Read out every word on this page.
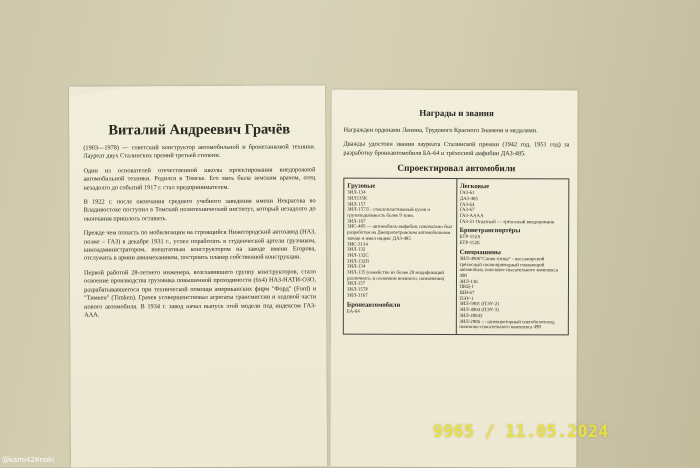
Виталий Андреевич Грачёв

(1903—1978) — советский конструктор автомобильной и бронетанковой техники. Лауреат двух Сталинских премий третьей степени.

Один из основателей отечественной школы проектирования внедорожной автомобильной техники. Родился в Томске. Его мать была земским врачом, отец незадолго до событий 1917 г. стал предпринимателем.

В 1922 г. после окончания среднего учебного заведения имени Некрасова во Владивостоке поступил в Томский политехнический институт, который незадолго до окончания пришлось оставить.

Прежде чем попасть по мобилизации на строящийся Нижегородский автозавод (НАЗ, позже – ГАЗ) в декабре 1931 г., успел поработать в студенческой артели грузчиком, киноадминистратором, внештатным конструктором на заводе имени Егорова, отслужить в армии авиамехаником, построить планер собственной конструкции.

Первой работой 28-летнего инженера, возглавившего группу конструкторов, стало освоение производства грузовика повышенной проходимости (6х4) НАЗ-НАТИ-ОЗО, разрабатывавшегося при технической помощи американских фирм "Форд" (Ford) и "Тимкен" (Timken). Грачев усовершенствовал агрегаты трансмиссии и ходовой части нового автомобиля. В 1934 г. завод начал выпуск этой модели под индексом ГАЗ-ААА.

Награды и звания

Награжден орденами Ленина, Трудового Красного Знамени и медалями.

Дважды удостоен звания лауреата Сталинской премии (1942 год, 1951 год) за разработку бронеавтомобиля БА-64 и трёхосной амфибии ДАЗ-485.

Спроектировал автомобили
Грузовые
ЗИЛ-134
ЗИЛ135К
ЗИЛ-157
ЗИЛ-157Л - стеклопластиковый кузов и грузоподъёмность более 9 тонн.
ЗИЛ-167
ЗИС-485 — автомобиль-амфибия, изначально был разработан на Днепропетровском автомобильном заводе и имел индекс ДАЗ-485
ЗИС-3134
ЗИЛ-132
ЗИЛ-132С
ЗИЛ-132П
ЗИЛ-134
ЗИЛ-135 (семейство из более 20 модификаций различного, в основном военного, назначения)
ЗИЛ-157
ЗИЛ-157Р
ЗИЛ-3167
Бронеавтомобили
БА-64
Легковые
ГАЗ-61
ДАЗ-485
ГАЗ-64
ГАЗ-67
ГАЗ-АААА
ГАЗ-21 Опытный — трёхосный внедорожник
Бронетранспортёры
БТР-152А
БТР-152Б
Спецмашины
ЗИЛ-4906"Синяя птица" - пассажирский трёхосный полноприводный плавающий автомобиль поисково-спасательного комплекса 490
ЗИЛ-136
ПКЦ-1
ШН-67
ПЭУ-1
ЗИЛ-5901 (ПЭУ-2)
ЗИЛ-4904 (ПЭУ-3)
ЗИЛ-49042
ЗИЛ-2906 — шнекороторный снегоболотоход поисково-спасательного комплекса 490
9965 / 11.05.2024
@kami428noki
